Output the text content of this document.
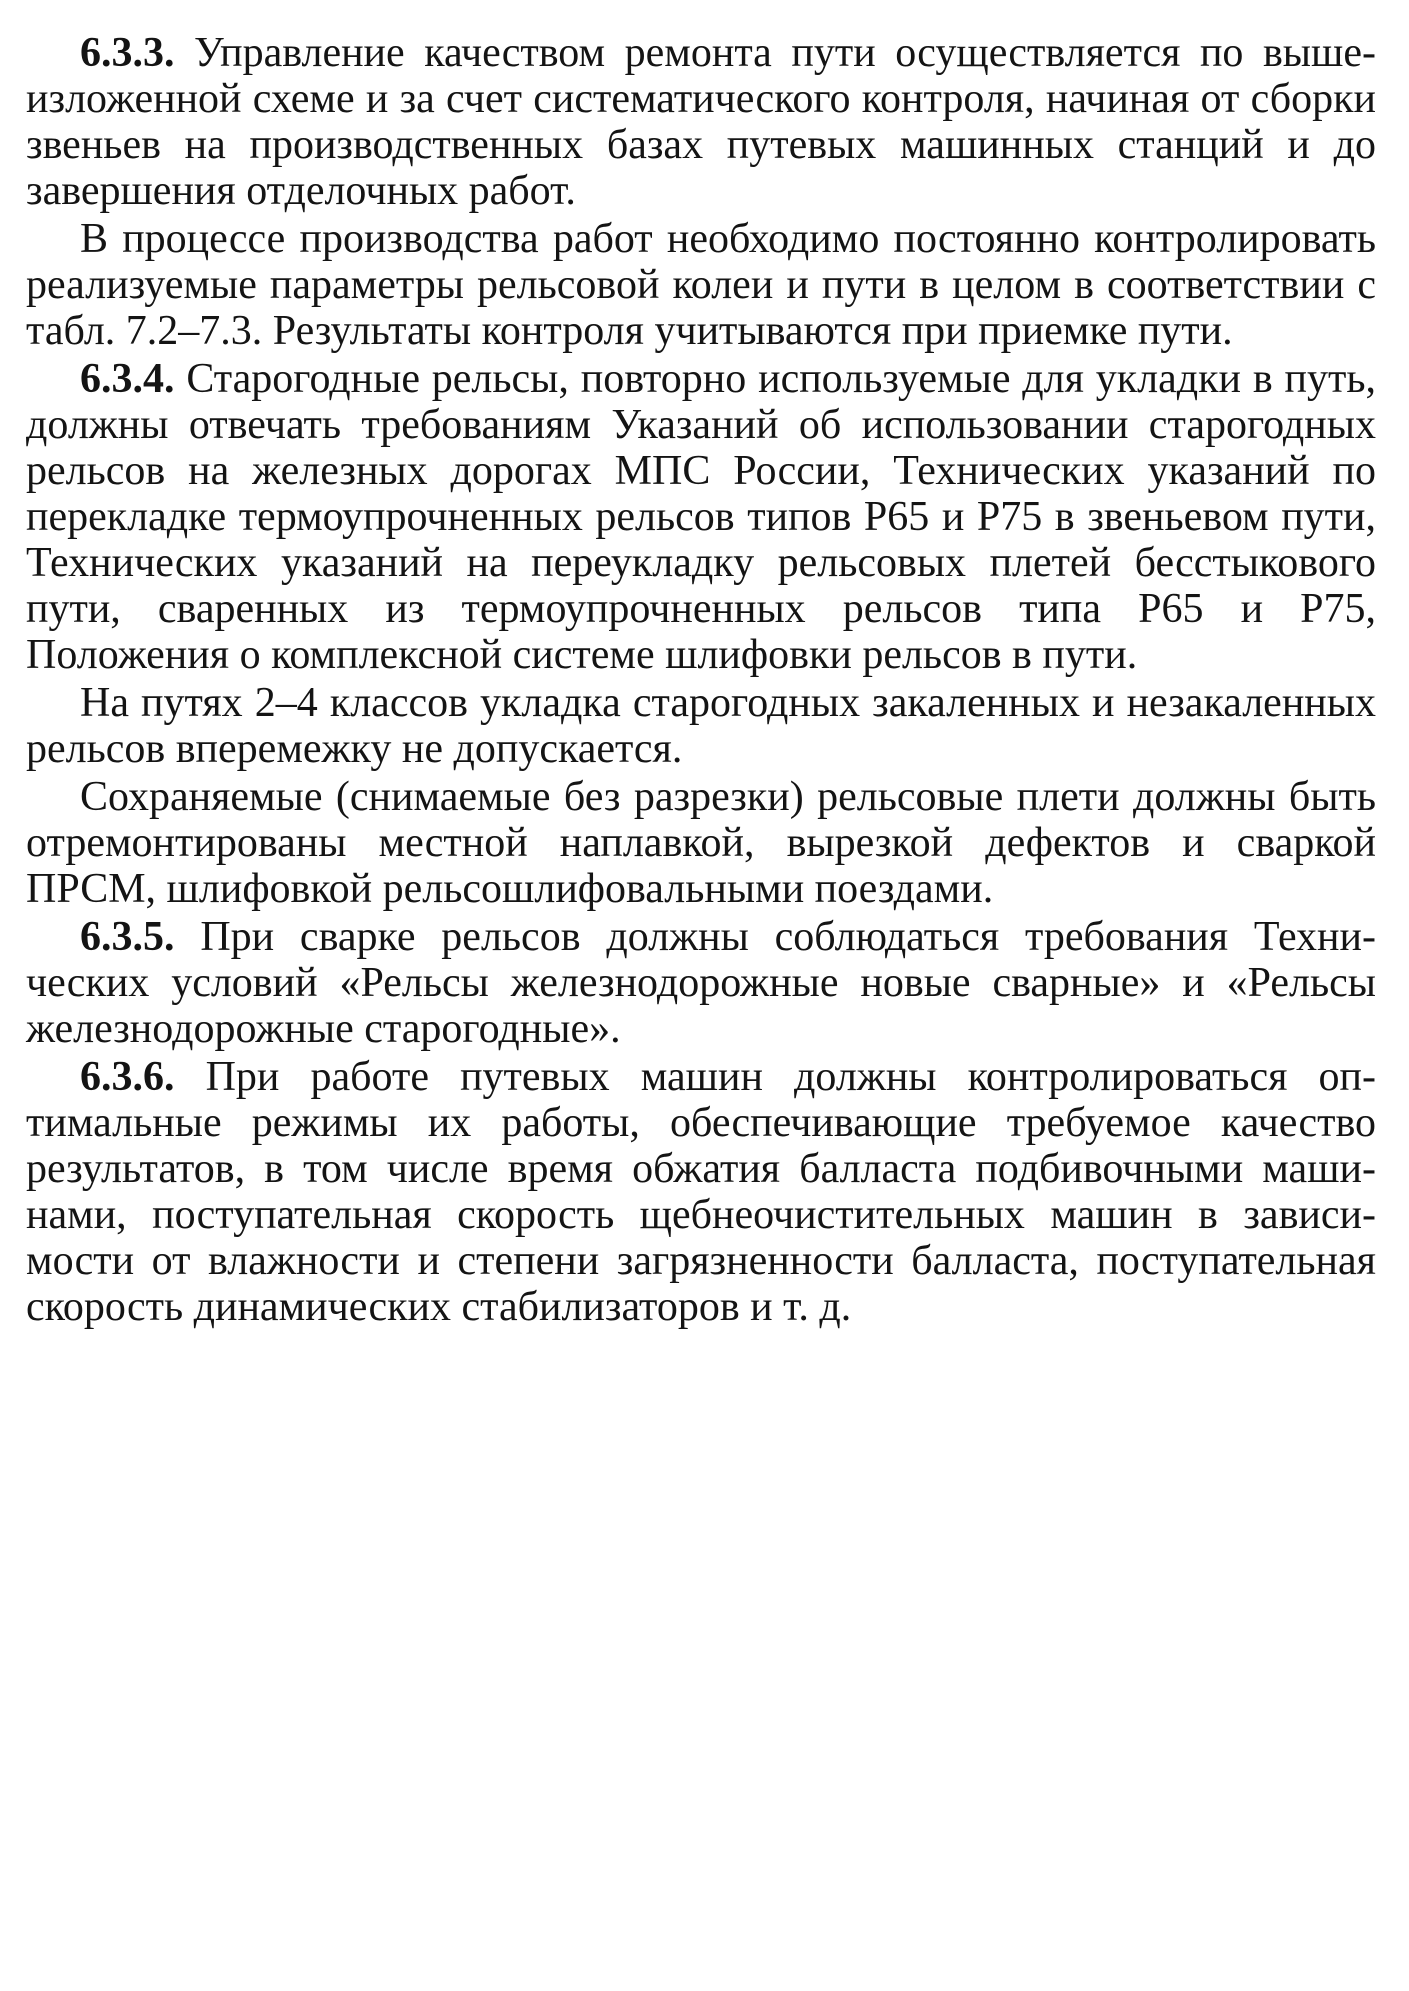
6.3.3. Управление качеством ремонта пути осуществляется по вышеизложенной схеме и за счет систематического контроля, начиная от сборки звеньев на производственных базах путевых машинных станций и до завершения отделочных работ.

В процессе производства работ необходимо постоянно контролировать реализуемые параметры рельсовой колеи и пути в целом в соответствии с табл. 7.2–7.3. Результаты контроля учитываются при приемке пути.

6.3.4. Старогодные рельсы, повторно используемые для укладки в путь, должны отвечать требованиям Указаний об использовании старогодных рельсов на железных дорогах МПС России, Технических указаний по перекладке термоупрочненных рельсов типов Р65 и Р75 в звеньевом пути, Технических указаний на переукладку рельсовых плетей бесстыкового пути, сваренных из термоупрочненных рельсов типа Р65 и Р75, Положения о комплексной системе шлифовки рельсов в пути.

На путях 2–4 классов укладка старогодных закаленных и незакаленных рельсов вперемежку не допускается.

Сохраняемые (снимаемые без разрезки) рельсовые плети должны быть отремонтированы местной наплавкой, вырезкой дефектов и сваркой ПРСМ, шлифовкой рельсошлифовальными поездами.

6.3.5. При сварке рельсов должны соблюдаться требования Технических условий «Рельсы железнодорожные новые сварные» и «Рельсы железнодорожные старогодные».

6.3.6. При работе путевых машин должны контролироваться оптимальные режимы их работы, обеспечивающие требуемое качество результатов, в том числе время обжатия балласта подбивочными машинами, поступательная скорость щебнеочистительных машин в зависимости от влажности и степени загрязненности балласта, поступательная скорость динамических стабилизаторов и т. д.
